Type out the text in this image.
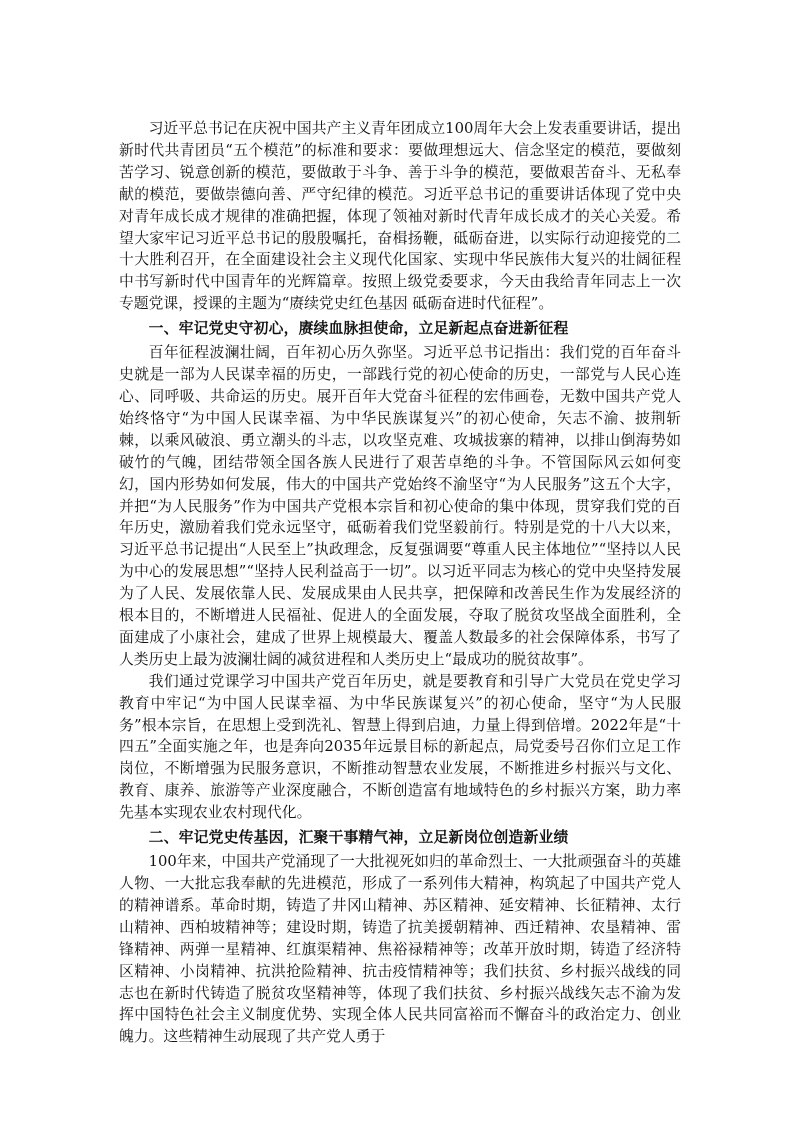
习近平总书记在庆祝中国共产主义青年团成立100周年大会上发表重要讲话，提出新时代共青团员“五个模范”的标准和要求：要做理想远大、信念坚定的模范，要做刻苦学习、锐意创新的模范，要做敢于斗争、善于斗争的模范，要做艰苦奋斗、无私奉献的模范，要做崇德向善、严守纪律的模范。习近平总书记的重要讲话体现了党中央对青年成长成才规律的准确把握，体现了领袖对新时代青年成长成才的关心关爱。希望大家牢记习近平总书记的殷殷嘱托，奋楫扬鞭，砥砺奋进，以实际行动迎接党的二十大胜利召开，在全面建设社会主义现代化国家、实现中华民族伟大复兴的壮阔征程中书写新时代中国青年的光辉篇章。按照上级党委要求，今天由我给青年同志上一次专题党课，授课的主题为“赓续党史红色基因 砥砺奋进时代征程”。

一、牢记党史守初心，赓续血脉担使命，立足新起点奋进新征程

百年征程波澜壮阔，百年初心历久弥坚。习近平总书记指出：我们党的百年奋斗史就是一部为人民谋幸福的历史，一部践行党的初心使命的历史，一部党与人民心连心、同呼吸、共命运的历史。展开百年大党奋斗征程的宏伟画卷，无数中国共产党人始终恪守“为中国人民谋幸福、为中华民族谋复兴”的初心使命，矢志不渝、披荆斩棘，以乘风破浪、勇立潮头的斗志，以攻坚克难、攻城拔寨的精神，以排山倒海势如破竹的气魄，团结带领全国各族人民进行了艰苦卓绝的斗争。不管国际风云如何变幻，国内形势如何发展，伟大的中国共产党始终不渝坚守“为人民服务”这五个大字，并把“为人民服务”作为中国共产党根本宗旨和初心使命的集中体现，贯穿我们党的百年历史，激励着我们党永远坚守，砥砺着我们党坚毅前行。特别是党的十八大以来，习近平总书记提出“人民至上”执政理念，反复强调要“尊重人民主体地位”“坚持以人民为中心的发展思想”“坚持人民利益高于一切”。以习近平同志为核心的党中央坚持发展为了人民、发展依靠人民、发展成果由人民共享，把保障和改善民生作为发展经济的根本目的，不断增进人民福祉、促进人的全面发展，夺取了脱贫攻坚战全面胜利，全面建成了小康社会，建成了世界上规模最大、覆盖人数最多的社会保障体系，书写了人类历史上最为波澜壮阔的减贫进程和人类历史上“最成功的脱贫故事”。

我们通过党课学习中国共产党百年历史，就是要教育和引导广大党员在党史学习教育中牢记“为中国人民谋幸福、为中华民族谋复兴”的初心使命，坚守“为人民服务”根本宗旨，在思想上受到洗礼、智慧上得到启迪，力量上得到倍增。2022年是“十四五”全面实施之年，也是奔向2035年远景目标的新起点，局党委号召你们立足工作岗位，不断增强为民服务意识，不断推动智慧农业发展，不断推进乡村振兴与文化、教育、康养、旅游等产业深度融合，不断创造富有地域特色的乡村振兴方案，助力率先基本实现农业农村现代化。

二、牢记党史传基因，汇聚干事精气神，立足新岗位创造新业绩

100年来，中国共产党涌现了一大批视死如归的革命烈士、一大批顽强奋斗的英雄人物、一大批忘我奉献的先进模范，形成了一系列伟大精神，构筑起了中国共产党人的精神谱系。革命时期，铸造了井冈山精神、苏区精神、延安精神、长征精神、太行山精神、西柏坡精神等；建设时期，铸造了抗美援朝精神、西迁精神、农垦精神、雷锋精神、两弹一星精神、红旗渠精神、焦裕禄精神等；改革开放时期，铸造了经济特区精神、小岗精神、抗洪抢险精神、抗击疫情精神等；我们扶贫、乡村振兴战线的同志也在新时代铸造了脱贫攻坚精神等，体现了我们扶贫、乡村振兴战线矢志不渝为发挥中国特色社会主义制度优势、实现全体人民共同富裕而不懈奋斗的政治定力、创业魄力。这些精神生动展现了共产党人勇于
